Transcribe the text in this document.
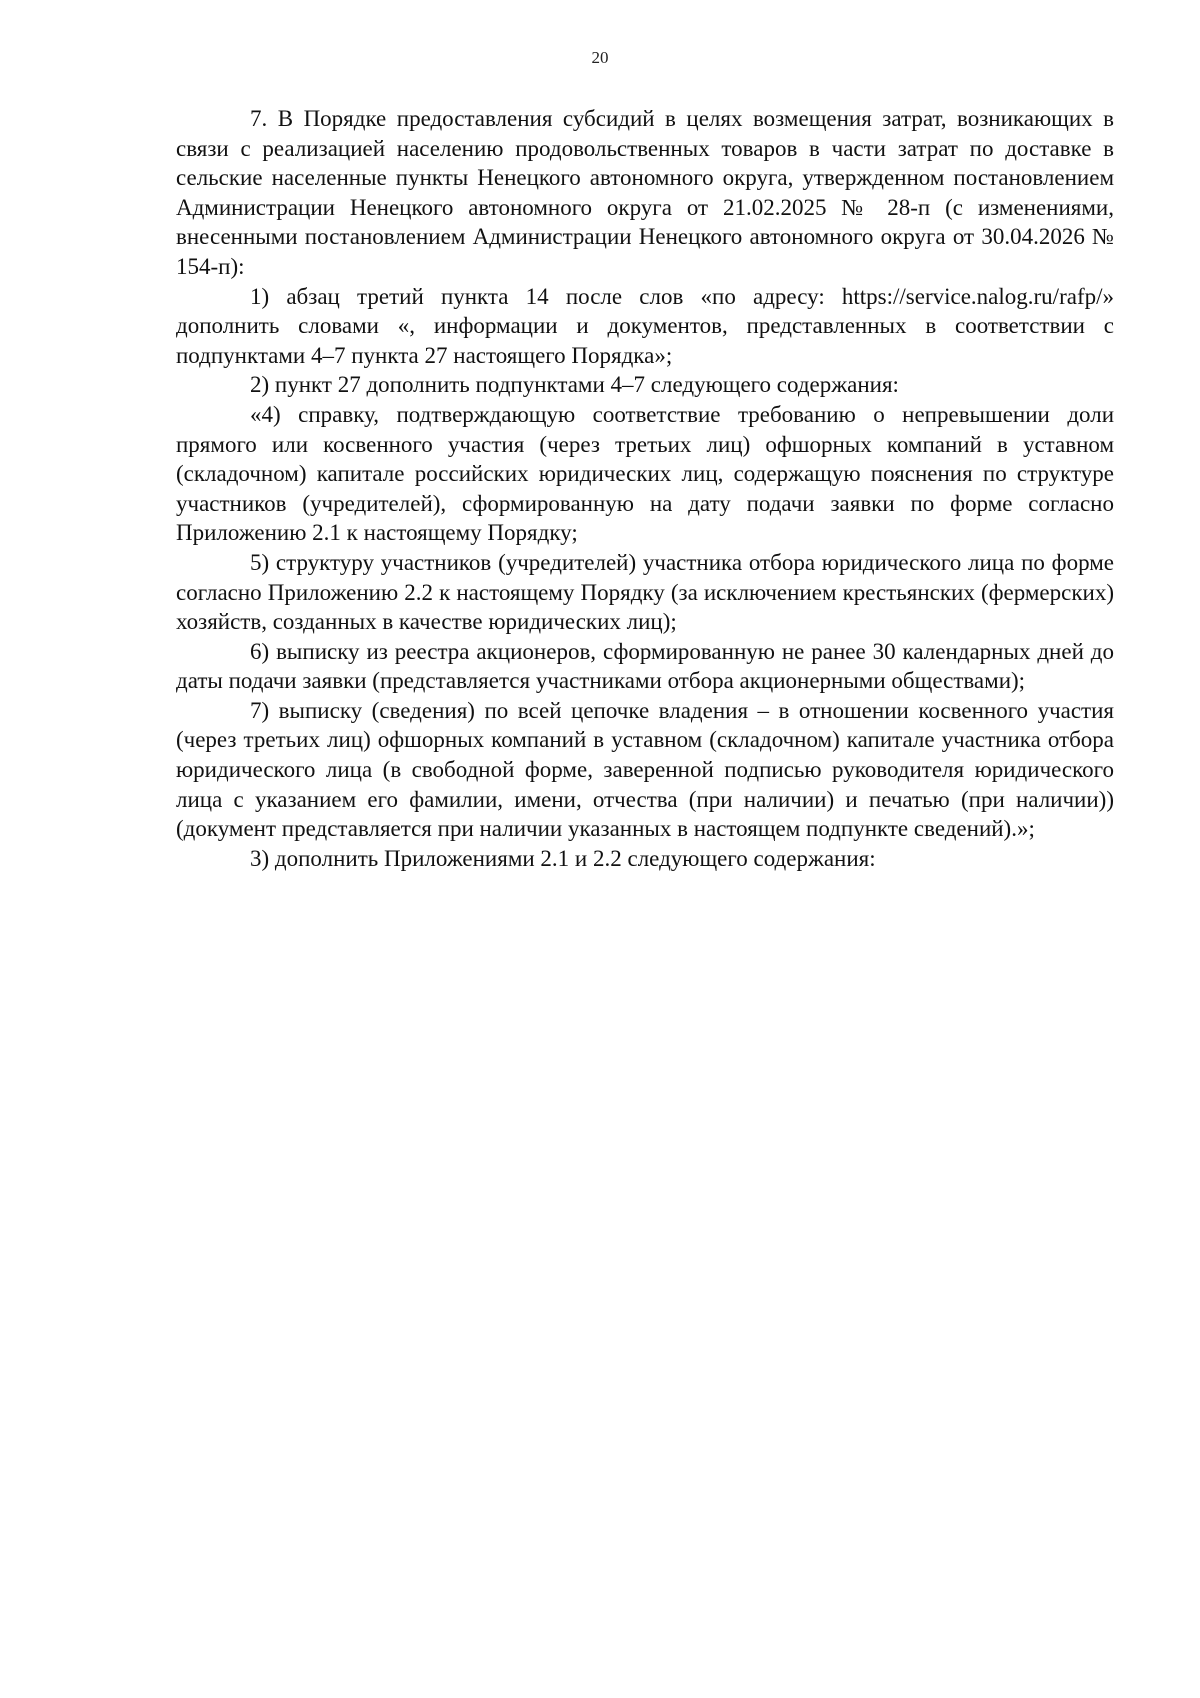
20

7. В Порядке предоставления субсидий в целях возмещения затрат, возникающих в связи с реализацией населению продовольственных товаров в части затрат по доставке в сельские населенные пункты Ненецкого автономного округа, утвержденном постановлением Администрации Ненецкого автономного округа от 21.02.2025 № 28-п (с изменениями, внесенными постановлением Администрации Ненецкого автономного округа от 30.04.2026 № 154-п):

1) абзац третий пункта 14 после слов «по адресу: https://service.nalog.ru/rafp/» дополнить словами «, информации и документов, представленных в соответствии с подпунктами 4–7 пункта 27 настоящего Порядка»;

2) пункт 27 дополнить подпунктами 4–7 следующего содержания:

«4) справку, подтверждающую соответствие требованию о непревышении доли прямого или косвенного участия (через третьих лиц) офшорных компаний в уставном (складочном) капитале российских юридических лиц, содержащую пояснения по структуре участников (учредителей), сформированную на дату подачи заявки по форме согласно Приложению 2.1 к настоящему Порядку;

5) структуру участников (учредителей) участника отбора юридического лица по форме согласно Приложению 2.2 к настоящему Порядку (за исключением крестьянских (фермерских) хозяйств, созданных в качестве юридических лиц);

6) выписку из реестра акционеров, сформированную не ранее 30 календарных дней до даты подачи заявки (представляется участниками отбора акционерными обществами);

7) выписку (сведения) по всей цепочке владения – в отношении косвенного участия (через третьих лиц) офшорных компаний в уставном (складочном) капитале участника отбора юридического лица (в свободной форме, заверенной подписью руководителя юридического лица с указанием его фамилии, имени, отчества (при наличии) и печатью (при наличии)) (документ представляется при наличии указанных в настоящем подпункте сведений).»;

3) дополнить Приложениями 2.1 и 2.2 следующего содержания:
